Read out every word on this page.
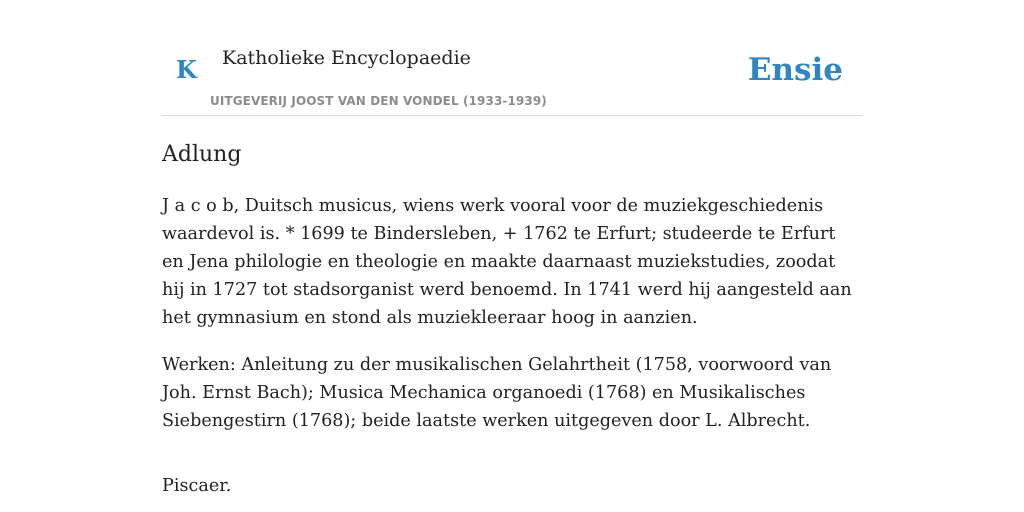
K Katholieke Encyclopaedie
UITGEVERIJ JOOST VAN DEN VONDEL (1933-1939)
Ensie
Adlung

J a c o b, Duitsch musicus, wiens werk vooral voor de muziekgeschiedenis waardevol is. * 1699 te Bindersleben, + 1762 te Erfurt; studeerde te Erfurt en Jena philologie en theologie en maakte daarnaast muziekstudies, zoodat hij in 1727 tot stadsorganist werd benoemd. In 1741 werd hij aangesteld aan het gymnasium en stond als muziekleeraar hoog in aanzien.

Werken: Anleitung zu der musikalischen Gelahrtheit (1758, voorwoord van Joh. Ernst Bach); Musica Mechanica organoedi (1768) en Musikalisches Siebengestirn (1768); beide laatste werken uitgegeven door L. Albrecht.

Piscaer.
